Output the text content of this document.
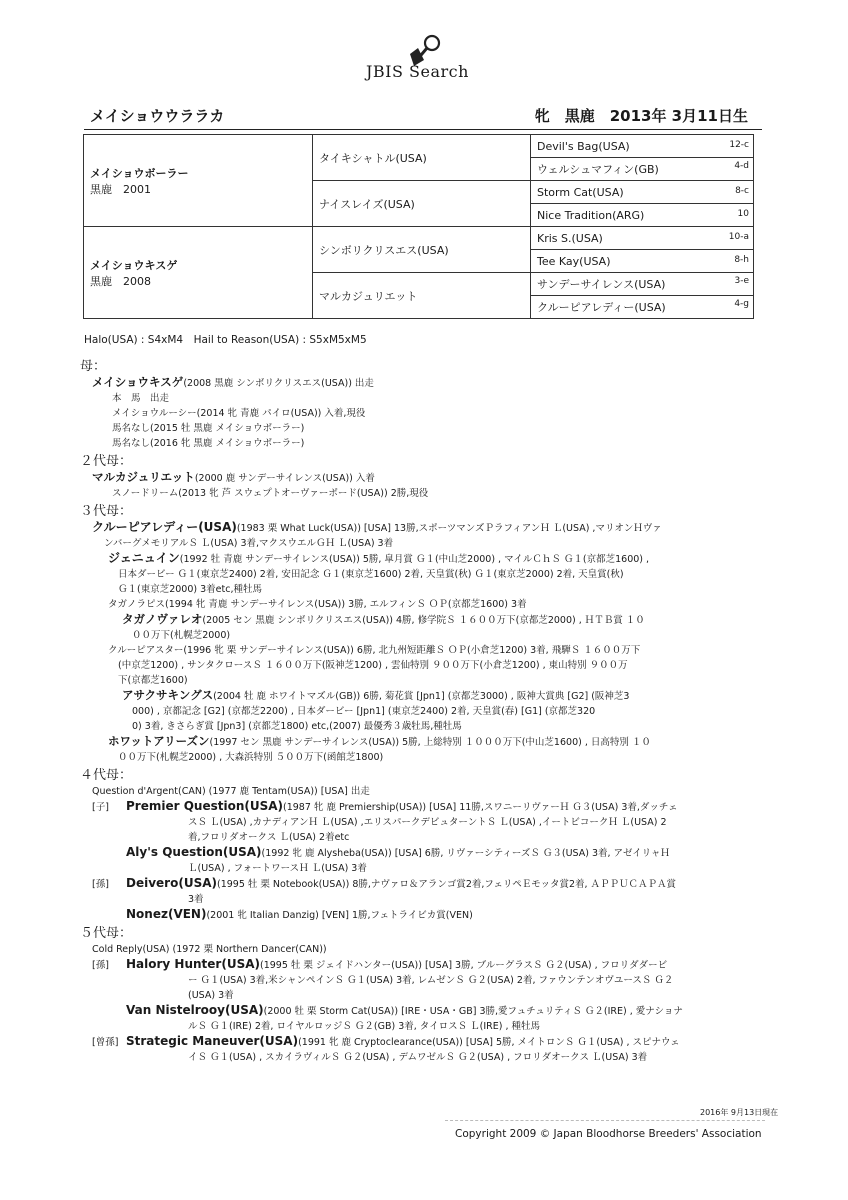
JBIS Search
メイショウウララカ	牝　黒鹿　2013年 3月11日生
メイショウボーラー
黒鹿　2001	タイキシャトル(USA)	Devil's Bag(USA) 12-c

		ウェルシュマフィン(GB) 4-d

	ナイスレイズ(USA)	Storm Cat(USA) 8-c

		Nice Tradition(ARG) 10

メイショウキスゲ
黒鹿　2008	シンボリクリスエス(USA)	Kris S.(USA) 10-a

		Tee Kay(USA) 8-h

	マルカジュリエット	サンデーサイレンス(USA) 3-e

		クルーピアレディー(USA) 4-g
Halo(USA) : S4xM4　Hail to Reason(USA) : S5xM5xM5
母：

メイショウキスゲ(2008 黒鹿 シンボリクリスエス(USA)) 出走

本　馬　出走

メイショウルーシー(2014 牝 青鹿 パイロ(USA)) 入着,現役

馬名なし(2015 牡 黒鹿 メイショウボーラー)

馬名なし(2016 牝 黒鹿 メイショウボーラー)

２代母：

マルカジュリエット(2000 鹿 サンデーサイレンス(USA)) 入着

スノードリーム(2013 牝 芦 スウェプトオーヴァーボード(USA)) 2勝,現役

３代母：

クルーピアレディー(USA)(1983 栗 What Luck(USA)) [USA] 13勝,スポーツマンズＰラフィアンＨ Ｌ(USA) ,マリオンＨヴァ

ンバーグメモリアルＳ Ｌ(USA) 3着,マクスウエルＧＨ Ｌ(USA) 3着

ジェニュイン(1992 牡 青鹿 サンデーサイレンス(USA)) 5勝, 皐月賞 Ｇ１(中山芝2000) , マイルＣｈＳ Ｇ１(京都芝1600) ,

日本ダービー Ｇ１(東京芝2400) 2着, 安田記念 Ｇ１(東京芝1600) 2着, 天皇賞(秋) Ｇ１(東京芝2000) 2着, 天皇賞(秋)

Ｇ１(東京芝2000) 3着etc,種牡馬

タガノラピス(1994 牝 青鹿 サンデーサイレンス(USA)) 3勝, エルフィンＳ ＯＰ(京都芝1600) 3着

タガノヴァレオ(2005 セン 黒鹿 シンボリクリスエス(USA)) 4勝, 修学院Ｓ １６００万下(京都芝2000) , ＨＴＢ賞 １０

００万下(札幌芝2000)

クルーピアスター(1996 牝 栗 サンデーサイレンス(USA)) 6勝, 北九州短距離Ｓ ＯＰ(小倉芝1200) 3着, 飛騨Ｓ １６００万下

(中京芝1200) , サンタクロースＳ １６００万下(阪神芝1200) , 雲仙特別 ９００万下(小倉芝1200) , 東山特別 ９００万

下(京都芝1600)

アサクサキングス(2004 牡 鹿 ホワイトマズル(GB)) 6勝, 菊花賞 [Jpn1] (京都芝3000) , 阪神大賞典 [G2] (阪神芝3

000) , 京都記念 [G2] (京都芝2200) , 日本ダービー [Jpn1] (東京芝2400) 2着, 天皇賞(春) [G1] (京都芝320

0) 3着, きさらぎ賞 [Jpn3] (京都芝1800) etc,(2007) 最優秀３歳牡馬,種牡馬

ホワットアリーズン(1997 セン 黒鹿 サンデーサイレンス(USA)) 5勝, 上総特別 １０００万下(中山芝1600) , 日高特別 １０

００万下(札幌芝2000) , 大森浜特別 ５００万下(函館芝1800)

４代母：

Question d'Argent(CAN) (1977 鹿 Tentam(USA)) [USA] 出走

[子] Premier Question(USA)(1987 牝 鹿 Premiership(USA)) [USA] 11勝,スワニーリヴァーＨ Ｇ３(USA) 3着,ダッチェ

スＳ Ｌ(USA) ,カナディアンＨ Ｌ(USA) ,エリスパークデビュターントＳ Ｌ(USA) ,イートビコークＨ Ｌ(USA) 2

着,フロリダオークス Ｌ(USA) 2着etc

Aly's Question(USA)(1992 牝 鹿 Alysheba(USA)) [USA] 6勝, リヴァーシティーズＳ Ｇ３(USA) 3着, アゼイリャＨ

Ｌ(USA) , フォートワースＨ Ｌ(USA) 3着

[孫] Deivero(USA)(1995 牡 栗 Notebook(USA)) 8勝,ナヴァロ＆アランゴ賞2着,フェリペＥモッタ賞2着, ＡＰＰＵＣＡＰＡ賞

3着

Nonez(VEN)(2001 牝 Italian Danzig) [VEN] 1勝,フェトライビカ賞(VEN)

５代母：

Cold Reply(USA) (1972 栗 Northern Dancer(CAN))

[孫] Halory Hunter(USA)(1995 牡 栗 ジェイドハンター(USA)) [USA] 3勝, ブルーグラスＳ Ｇ２(USA) , フロリダダービ

ー Ｇ１(USA) 3着,米シャンペインＳ Ｇ１(USA) 3着, レムゼンＳ Ｇ２(USA) 2着, ファウンテンオヴユースＳ Ｇ２

(USA) 3着

Van Nistelrooy(USA)(2000 牡 栗 Storm Cat(USA)) [IRE・USA・GB] 3勝,愛フュチュリティＳ Ｇ２(IRE) , 愛ナショナ

ルＳ Ｇ１(IRE) 2着, ロイヤルロッジＳ Ｇ２(GB) 3着, タイロスＳ Ｌ(IRE) , 種牡馬

[曾孫] Strategic Maneuver(USA)(1991 牝 鹿 Cryptoclearance(USA)) [USA] 5勝, メイトロンＳ Ｇ１(USA) , スピナウェ

イＳ Ｇ１(USA) , スカイラヴィルＳ Ｇ２(USA) , デムワゼルＳ Ｇ２(USA) , フロリダオークス Ｌ(USA) 3着

2016年 9月13日現在
Copyright 2009 © Japan Bloodhorse Breeders' Association
